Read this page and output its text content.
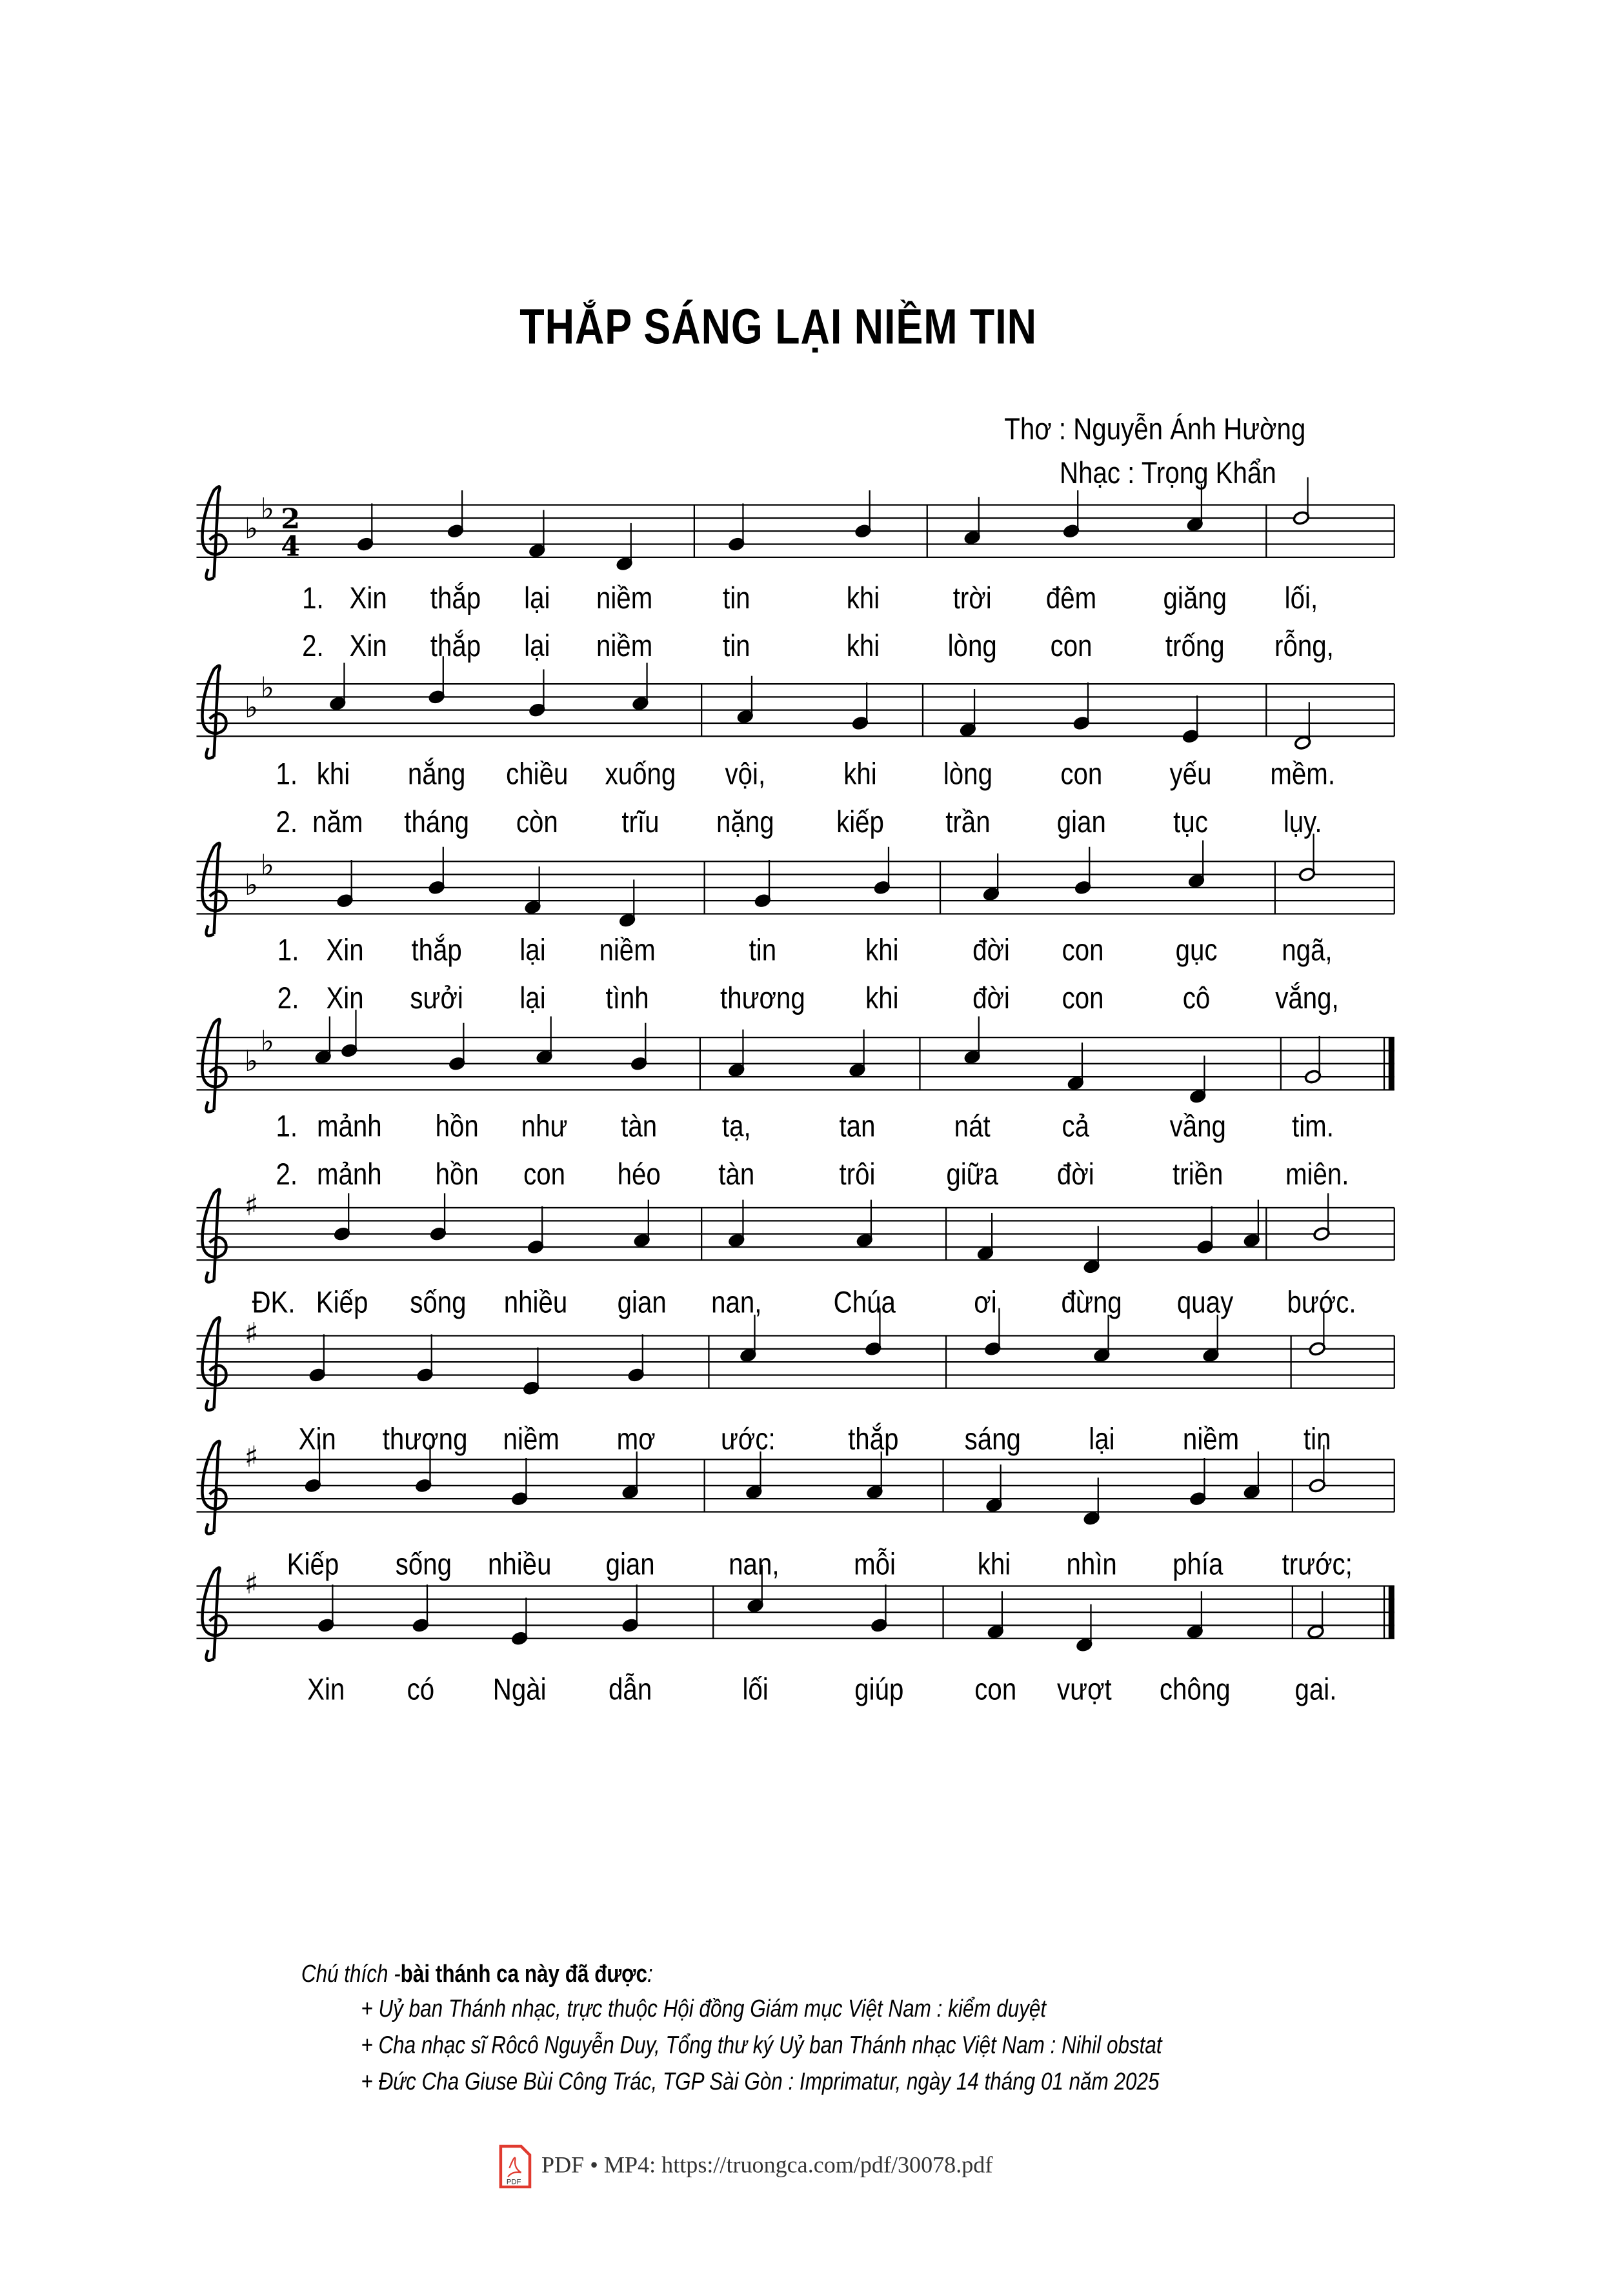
THẮP SÁNG LẠI NIỀM TIN
Thơ : Nguyễn Ánh Hường
Nhạc : Trọng Khẩn
♭
♭ 2
4
1. Xin	thắp	lại	niềm	tin	khi	trời	đêm	giăng	lối,
2. Xin	thắp	lại	niềm	tin	khi	lòng	con	trống	rỗng,
♭
♭
1. khi	nắng	chiều	xuống	vội,	khi	lòng	con	yếu	mềm.
2. năm	tháng	còn	trĩu	nặng	kiếp	trần	gian	tục	lụy.
♭
♭
1. Xin	thắp	lại	niềm	tin	khi	đời	con	gục	ngã,
2. Xin	sưởi	lại	tình	thương	khi	đời	con	cô	vắng,
♭
♭
1. mảnh	hồn	như	tàn	tạ,	tan	nát	cả	vầng	tim.
2. mảnh	hồn	con	héo	tàn	trôi	giữa	đời	triền	miên.
♯
ĐK. Kiếp	sống	nhiều	gian	nan,	Chúa	ơi	đừng	quay	bước.
♯
Xin	thương	niềm	mơ	ước:	thắp	sáng	lại	niềm	tin
♯
Kiếp	sống	nhiều	gian	nan,	mỗi	khi	nhìn	phía	trước;
♯
Xin	có	Ngài	dẫn	lối	giúp	con	vượt	chông	gai.
Chú thích -bài thánh ca này đã được:
+ Uỷ ban Thánh nhạc, trực thuộc Hội đồng Giám mục Việt Nam : kiểm duyệt
+ Cha nhạc sĩ Rôcô Nguyễn Duy, Tổng thư ký Uỷ ban Thánh nhạc Việt Nam : Nihil obstat
+ Đức Cha Giuse Bùi Công Trác, TGP Sài Gòn : Imprimatur, ngày 14 tháng 01 năm 2025
PDF
PDF • MP4: https://truongca.com/pdf/30078.pdf
